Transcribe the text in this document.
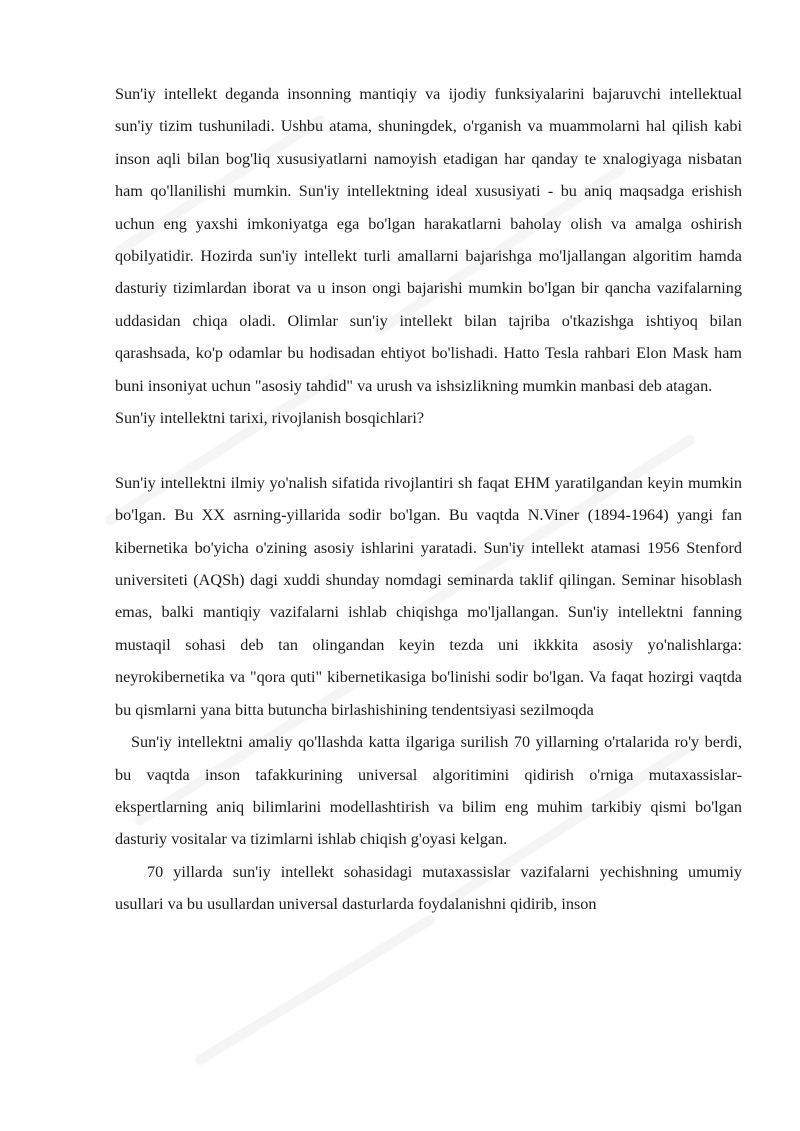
Sun'iy intellekt deganda insonning mantiqiy va ijodiy funksiyalarini bajaruvchi intellektual sun'iy tizim tushuniladi. Ushbu atama, shuningdek, o'rganish va muammolarni hal qilish kabi inson aqli bilan bog'liq xususiyatlarni namoyish etadigan har qanday te xnalogiyaga nisbatan ham qo'llanilishi mumkin. Sun'iy intellektning ideal xususiyati - bu aniq maqsadga erishish uchun eng yaxshi imkoniyatga ega bo'lgan harakatlarni baholay olish va amalga oshirish qobilyatidir. Hozirda sun'iy intellekt turli amallarni bajarishga mo'ljallangan algoritim hamda dasturiy tizimlardan iborat va u inson ongi bajarishi mumkin bo'lgan bir qancha vazifalarning uddasidan chiqa oladi. Olimlar sun'iy intellekt bilan tajriba o'tkazishga ishtiyoq bilan qarashsada, ko'p odamlar bu hodisadan ehtiyot bo'lishadi. Hatto Tesla rahbari Elon Mask ham buni insoniyat uchun "asosiy tahdid" va urush va ishsizlikning mumkin manbasi deb atagan.

Sun'iy intellektni tarixi, rivojlanish bosqichlari?

Sun'iy intellektni ilmiy yo'nalish sifatida rivojlantiri sh faqat EHM yaratilgandan keyin mumkin bo'lgan. Bu XX asrning-yillarida sodir bo'lgan. Bu vaqtda N.Viner (1894-1964) yangi fan kibernetika bo'yicha o'zining asosiy ishlarini yaratadi. Sun'iy intellekt atamasi 1956 Stenford universiteti (AQSh) dagi xuddi shunday nomdagi seminarda taklif qilingan. Seminar hisoblash emas, balki mantiqiy vazifalarni ishlab chiqishga mo'ljallangan. Sun'iy intellektni fanning mustaqil sohasi deb tan olingandan keyin tezda uni ikkkita asosiy yo'nalishlarga: neyrokibernetika va "qora quti" kibernetikasiga bo'linishi sodir bo'lgan. Va faqat hozirgi vaqtda bu qismlarni yana bitta butuncha birlashishining tendentsiyasi sezilmoqda

Sun'iy intellektni amaliy qo'llashda katta ilgariga surilish 70 yillarning o'rtalarida ro'y berdi, bu vaqtda inson tafakkurining universal algoritimini qidirish o'rniga mutaxassislar-ekspertlarning aniq bilimlarini modellashtirish va bilim eng muhim tarkibiy qismi bo'lgan dasturiy vositalar va tizimlarni ishlab chiqish g'oyasi kelgan.

70 yillarda sun'iy intellekt sohasidagi mutaxassislar vazifalarni yechishning umumiy usullari va bu usullardan universal dasturlarda foydalanishni qidirib, inson
